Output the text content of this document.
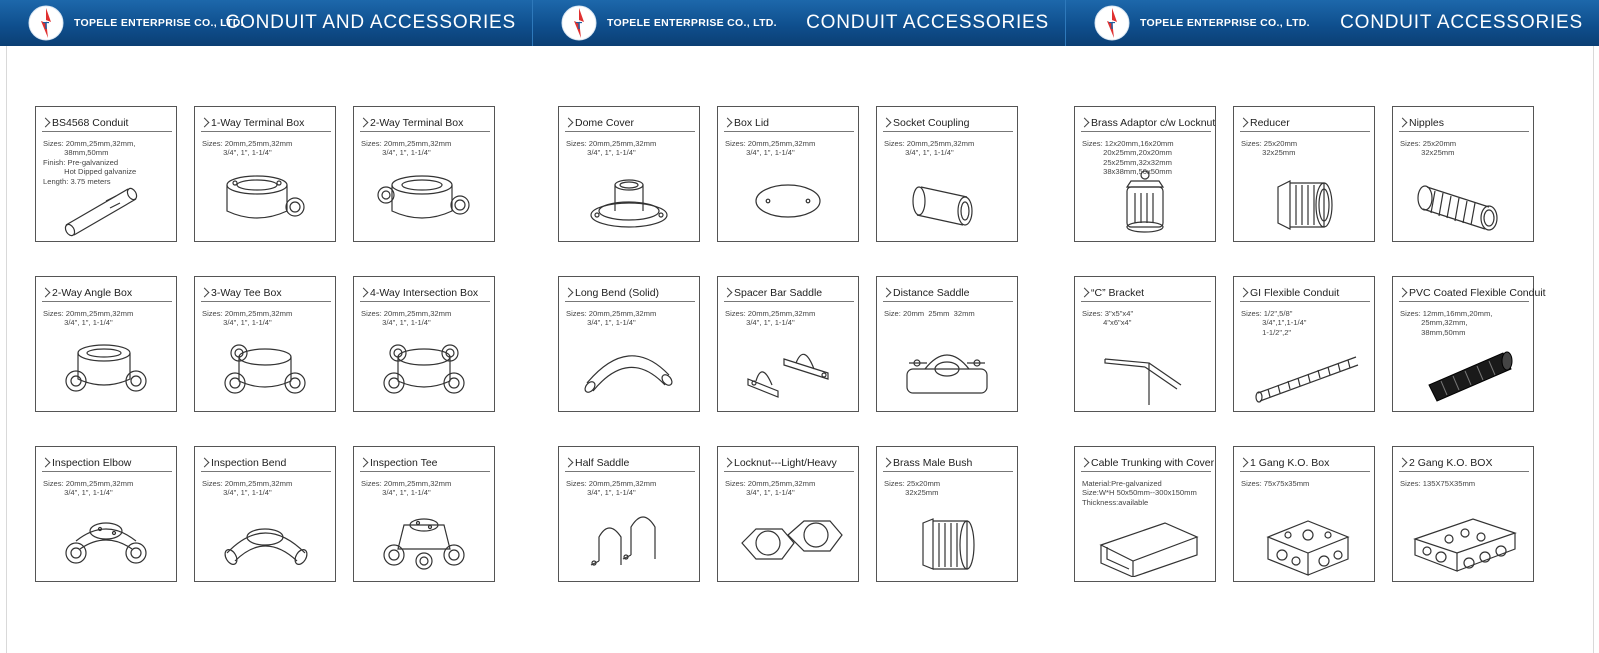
T TOPELE ENTERPRISE CO., LTD.
CONDUIT AND ACCESSORIES	T TOPELE ENTERPRISE CO., LTD. CONDUIT ACCESSORIES	T TOPELE ENTERPRISE CO., LTD. CONDUIT ACCESSORIES
BS4568 Conduit
Sizes: 20mm,25mm,32mm,
38mm,50mm
Finish: Pre-galvanized
Hot Dipped galvanize
Length: 3.75 meters
1-Way Terminal Box
Sizes: 20mm,25mm,32mm
3/4", 1", 1-1/4"
2-Way Terminal Box
Sizes: 20mm,25mm,32mm
3/4", 1", 1-1/4"
Dome Cover
Sizes: 20mm,25mm,32mm
3/4", 1", 1-1/4"
Box Lid
Sizes: 20mm,25mm,32mm
3/4", 1", 1-1/4"
Socket Coupling
Sizes: 20mm,25mm,32mm
3/4", 1", 1-1/4"
Brass Adaptor c/w Locknut
Sizes: 12x20mm,16x20mm
20x25mm,20x20mm
25x25mm,32x32mm
38x38mm,50x50mm
Reducer
Sizes: 25x20mm
32x25mm
Nipples
Sizes: 25x20mm
32x25mm
2-Way Angle Box
Sizes: 20mm,25mm,32mm
3/4", 1", 1-1/4"
3-Way Tee Box
Sizes: 20mm,25mm,32mm
3/4", 1", 1-1/4"
4-Way Intersection Box
Sizes: 20mm,25mm,32mm
3/4", 1", 1-1/4"
Long Bend (Solid)
Sizes: 20mm,25mm,32mm
3/4", 1", 1-1/4"
Spacer Bar Saddle
Sizes: 20mm,25mm,32mm
3/4", 1", 1-1/4"
Distance Saddle
Size: 20mm  25mm  32mm
“C” Bracket
Sizes: 3"x5"x4"
4"x6"x4"
GI Flexible Conduit
Sizes: 1/2",5/8"
3/4",1",1-1/4"
1-1/2",2"
PVC Coated Flexible Conduit
Sizes: 12mm,16mm,20mm,
25mm,32mm,
38mm,50mm
Inspection Elbow
Sizes: 20mm,25mm,32mm
3/4", 1", 1-1/4"
Inspection Bend
Sizes: 20mm,25mm,32mm
3/4", 1", 1-1/4"
Inspection Tee
Sizes: 20mm,25mm,32mm
3/4", 1", 1-1/4"
Half Saddle
Sizes: 20mm,25mm,32mm
3/4", 1", 1-1/4"
Locknut---Light/Heavy
Sizes: 20mm,25mm,32mm
3/4", 1", 1-1/4"
Brass Male Bush
Sizes: 25x20mm
32x25mm
Cable Trunking with Cover
Material:Pre-galvanized
Size:W*H 50x50mm--300x150mm
Thickness:available
1 Gang K.O. Box
Sizes: 75x75x35mm
2 Gang K.O. BOX
Sizes: 135X75X35mm
